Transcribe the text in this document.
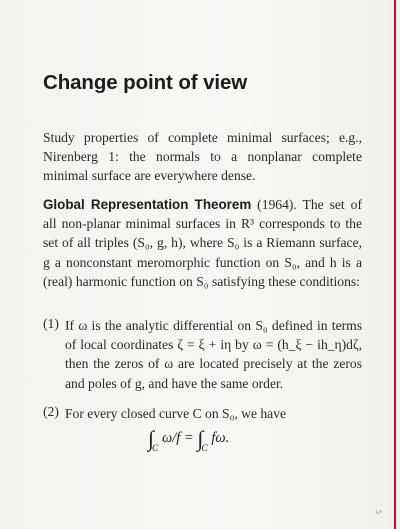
Change point of view

Study properties of complete minimal surfaces; e.g., Nirenberg 1: the normals to a nonplanar complete minimal surface are everywhere dense.

Global Representation Theorem (1964). The set of all non-planar minimal surfaces in R³ corresponds to the set of all triples (S₀, g, h), where S₀ is a Riemann surface, g a nonconstant meromorphic function on S₀, and h is a (real) harmonic function on S₀ satisfying these conditions:

(1) If ω is the analytic differential on S₀ defined in terms of local coordinates ζ = ξ + iη by ω = (h_ξ − ih_η)dζ, then the zeros of ω are located precisely at the zeros and poles of g, and have the same order.

(2) For every closed curve C on S₀, we have

$\int_C$ $\omega/f = \int_C$ fω.
5
